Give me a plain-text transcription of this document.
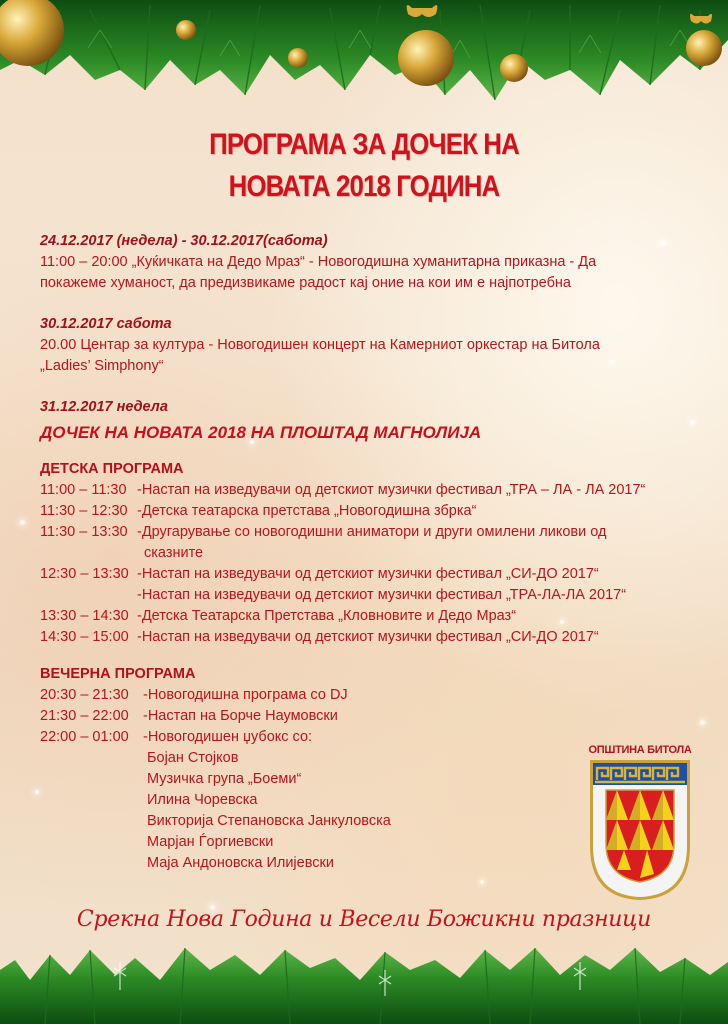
ПРОГРАМА ЗА ДОЧЕК НА
НОВАТА 2018 ГОДИНА
24.12.2017 (недела) - 30.12.2017(сабота)
11:00 – 20:00 „Куќичката на Дедо Мраз“ - Новогодишна хуманитарна приказна - Да
покажеме хуманост, да предизвикаме радост кај оние на кои им е најпотребна
30.12.2017 сабота
20.00 Центар за култура - Новогодишен концерт на Камерниот оркестар на Битола
„Ladies’ Simphony“
31.12.2017 недела
ДОЧЕК НА НОВАТА 2018 НА ПЛОШТАД МАГНОЛИЈА
ДЕТСКА ПРОГРАМА
11:00 – 11:30 -Настап на изведувачи од детскиот музички фестивал „ТРА – ЛА - ЛА 2017“
11:30 – 12:30 -Детска театарска претстава „Новогодишна збрка“
11:30 – 13:30 -Другарување со новогодишни аниматори и други омилени ликови од
сказните
12:30 – 13:30 -Настап на изведувачи од детскиот музички фестивал „СИ-ДО 2017“
-Настап на изведувачи од детскиот музички фестивал „ТРА-ЛА-ЛА 2017“
13:30 – 14:30 -Детска Театарска Претстава „Кловновите и Дедо Мраз“
14:30 – 15:00 -Настап на изведувачи од детскиот музички фестивал „СИ-ДО 2017“
ВЕЧЕРНА ПРОГРАМА
20:30 – 21:30 -Новогодишна програма со DJ
21:30 – 22:00 -Настап на Борче Наумовски
22:00 – 01:00 -Новогодишен џубокс со:
Бојан Стојков
Музичка група „Боеми“
Илина Чоревска
Викторија Степановска Јанкуловска
Марјан Ѓоргиевски
Маја Андоновска Илијевски
ОПШТИНА БИТОЛА
Срекна Нова Година и Весели Божикни празници
